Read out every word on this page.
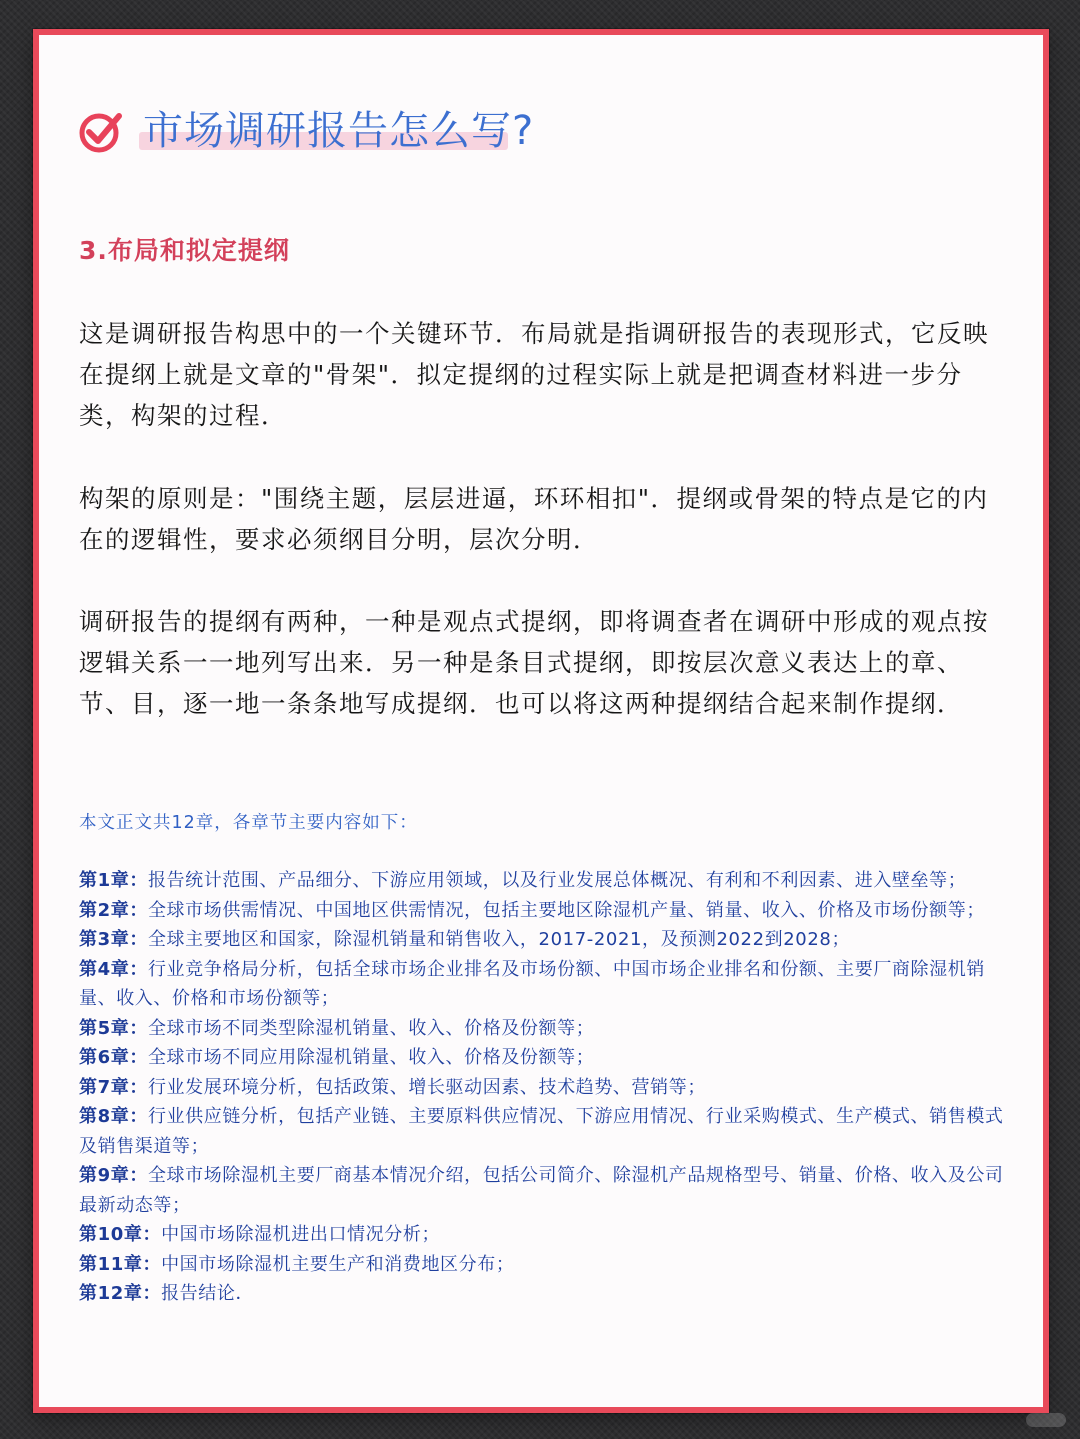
市场调研报告怎么写?
3.布局和拟定提纲

这是调研报告构思中的一个关键环节．布局就是指调研报告的表现形式，它反映在提纲上就是文章的"骨架"．拟定提纲的过程实际上就是把调查材料进一步分类，构架的过程．

构架的原则是："围绕主题，层层进逼，环环相扣"．提纲或骨架的特点是它的内在的逻辑性，要求必须纲目分明，层次分明．

调研报告的提纲有两种，一种是观点式提纲，即将调查者在调研中形成的观点按逻辑关系一一地列写出来．另一种是条目式提纲，即按层次意义表达上的章、节、目，逐一地一条条地写成提纲．也可以将这两种提纲结合起来制作提纲．

本文正文共12章，各章节主要内容如下：
第1章：报告统计范围、产品细分、下游应用领域，以及行业发展总体概况、有利和不利因素、进入壁垒等；
第2章：全球市场供需情况、中国地区供需情况，包括主要地区除湿机产量、销量、收入、价格及市场份额等；
第3章：全球主要地区和国家，除湿机销量和销售收入，2017-2021，及预测2022到2028；
第4章：行业竞争格局分析，包括全球市场企业排名及市场份额、中国市场企业排名和份额、主要厂商除湿机销量、收入、价格和市场份额等；
第5章：全球市场不同类型除湿机销量、收入、价格及份额等；
第6章：全球市场不同应用除湿机销量、收入、价格及份额等；
第7章：行业发展环境分析，包括政策、增长驱动因素、技术趋势、营销等；
第8章：行业供应链分析，包括产业链、主要原料供应情况、下游应用情况、行业采购模式、生产模式、销售模式及销售渠道等；
第9章：全球市场除湿机主要厂商基本情况介绍，包括公司简介、除湿机产品规格型号、销量、价格、收入及公司最新动态等；
第10章：中国市场除湿机进出口情况分析；
第11章：中国市场除湿机主要生产和消费地区分布；
第12章：报告结论．
